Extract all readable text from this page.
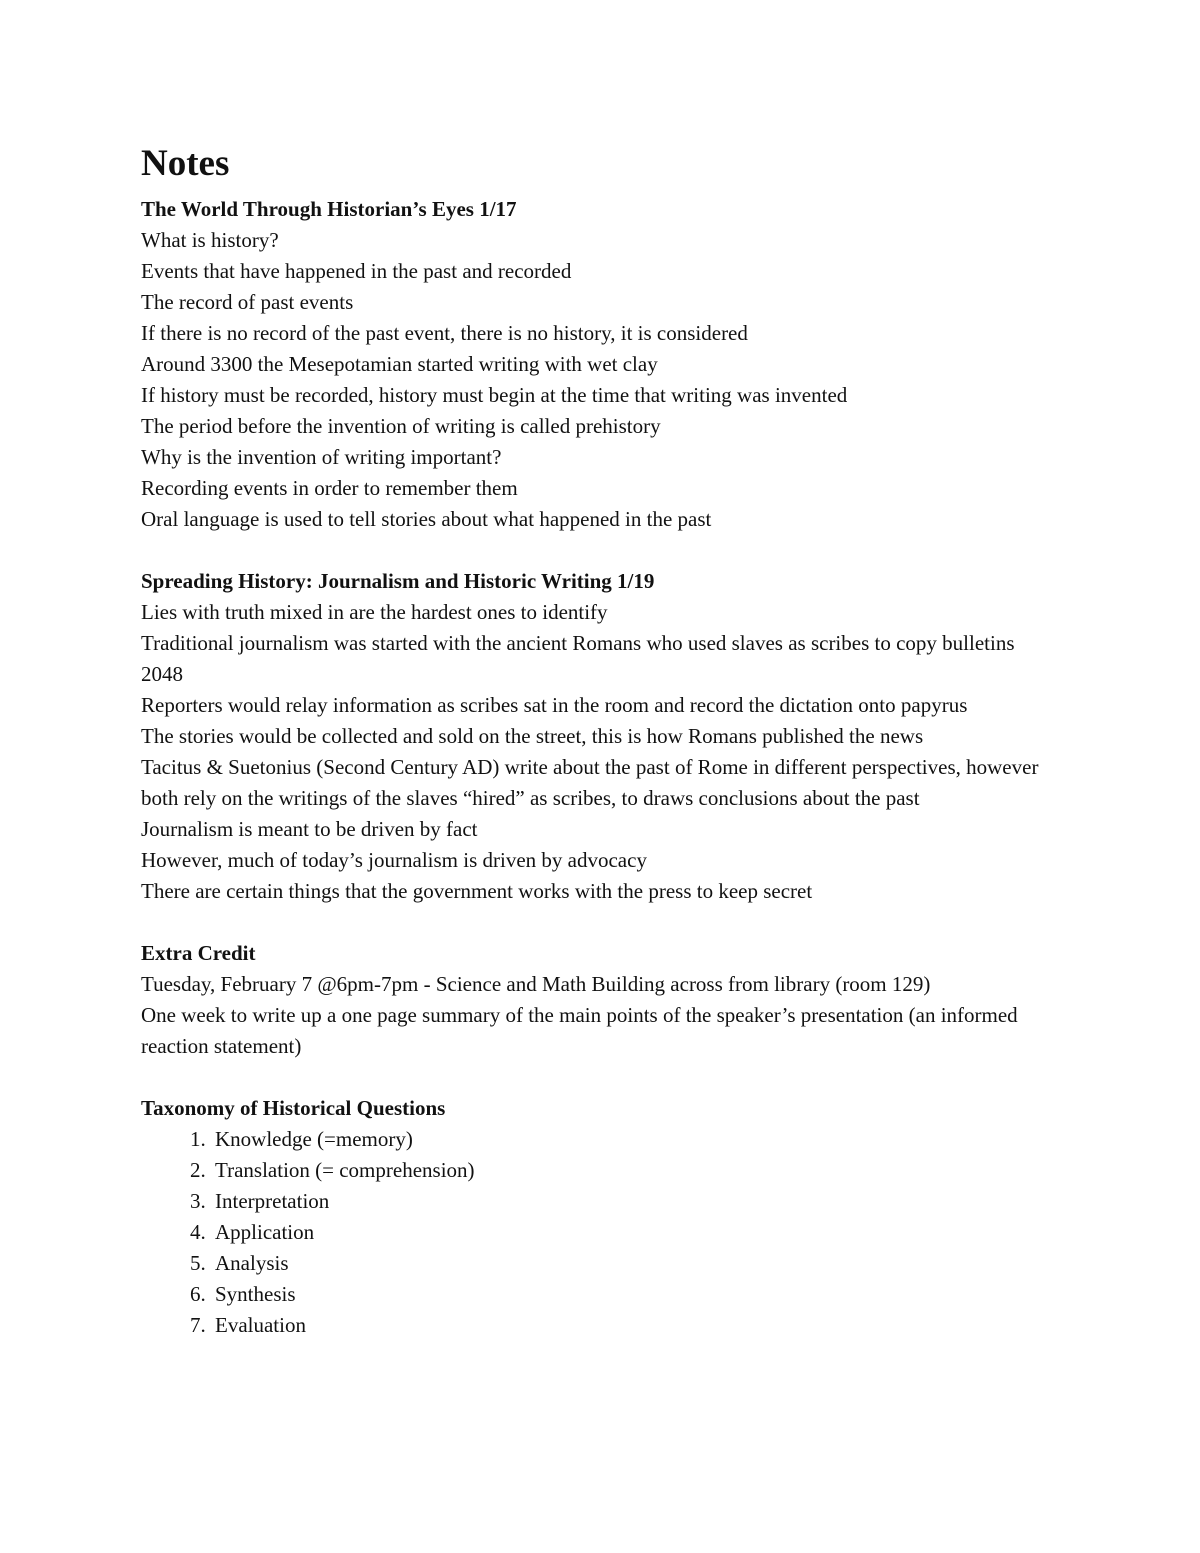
Notes

The World Through Historian’s Eyes 1/17

What is history?

Events that have happened in the past and recorded

The record of past events

If there is no record of the past event, there is no history, it is considered

Around 3300 the Mesepotamian started writing with wet clay

If history must be recorded, history must begin at the time that writing was invented

The period before the invention of writing is called prehistory

Why is the invention of writing important?

Recording events in order to remember them

Oral language is used to tell stories about what happened in the past

Spreading History: Journalism and Historic Writing 1/19

Lies with truth mixed in are the hardest ones to identify

Traditional journalism was started with the ancient Romans who used slaves as scribes to copy bulletins 2048

Reporters would relay information as scribes sat in the room and record the dictation onto papyrus

The stories would be collected and sold on the street, this is how Romans published the news

Tacitus & Suetonius (Second Century AD) write about the past of Rome in different perspectives, however both rely on the writings of the slaves “hired” as scribes, to draws conclusions about the past

Journalism is meant to be driven by fact

However, much of today’s journalism is driven by advocacy

There are certain things that the government works with the press to keep secret

Extra Credit

Tuesday, February 7 @6pm-7pm - Science and Math Building across from library (room 129)

One week to write up a one page summary of the main points of the speaker’s presentation (an informed reaction statement)

Taxonomy of Historical Questions

1. Knowledge (=memory)
2. Translation (= comprehension)
3. Interpretation
4. Application
5. Analysis
6. Synthesis
7. Evaluation
